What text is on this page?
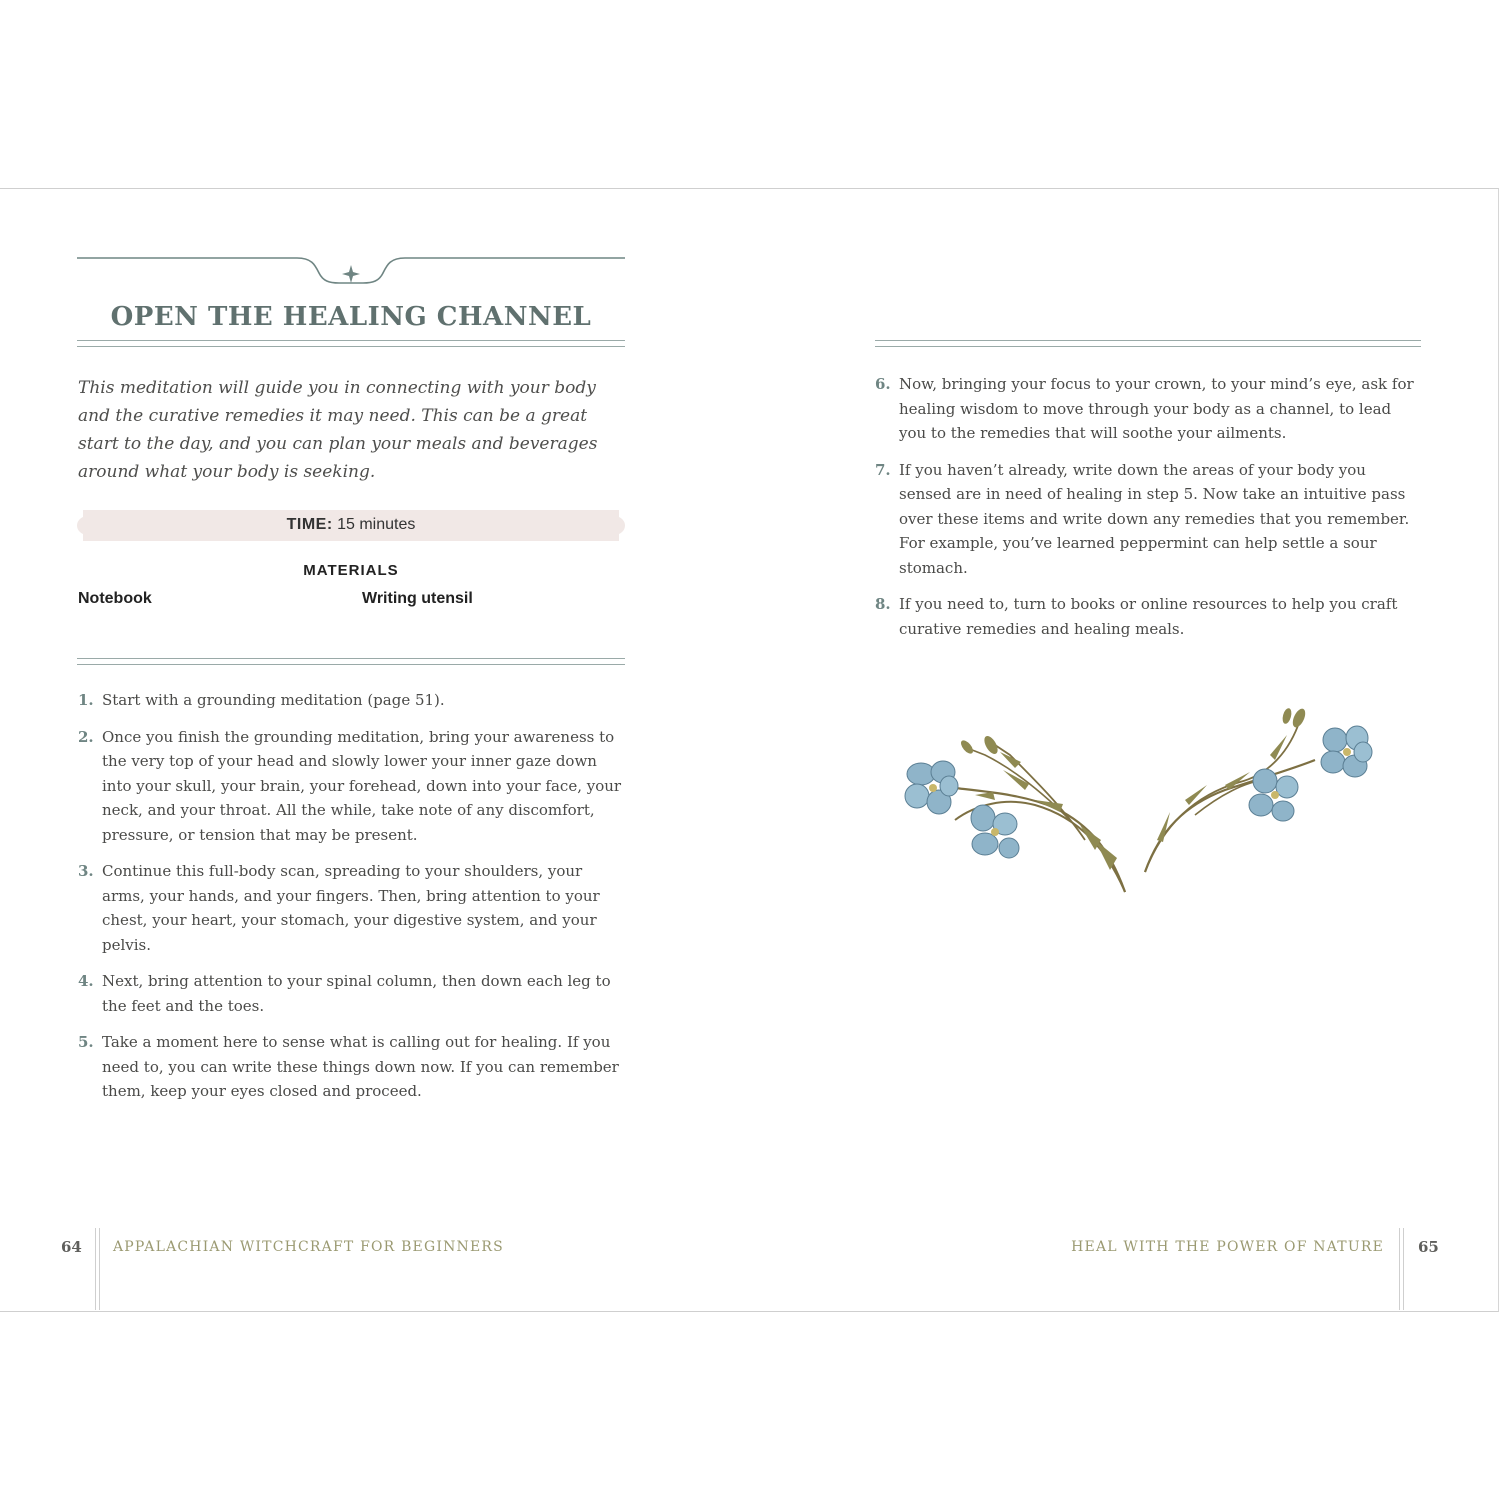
OPEN THE HEALING CHANNEL
This meditation will guide you in connecting with your body and the curative remedies it may need. This can be a great start to the day, and you can plan your meals and beverages around what your body is seeking.
TIME: 15 minutes
MATERIALS
Notebook	Writing utensil
1. Start with a grounding meditation (page 51).
2. Once you finish the grounding meditation, bring your awareness to the very top of your head and slowly lower your inner gaze down into your skull, your brain, your forehead, down into your face, your neck, and your throat. All the while, take note of any discomfort, pressure, or tension that may be present.
3. Continue this full-body scan, spreading to your shoulders, your arms, your hands, and your fingers. Then, bring attention to your chest, your heart, your stomach, your digestive system, and your pelvis.
4. Next, bring attention to your spinal column, then down each leg to the feet and the toes.
5. Take a moment here to sense what is calling out for healing. If you need to, you can write these things down now. If you can remember them, keep your eyes closed and proceed.
6. Now, bringing your focus to your crown, to your mind’s eye, ask for healing wisdom to move through your body as a channel, to lead you to the remedies that will soothe your ailments.
7. If you haven’t already, write down the areas of your body you sensed are in need of healing in step 5. Now take an intuitive pass over these items and write down any remedies that you remember. For example, you’ve learned peppermint can help settle a sour stomach.
8. If you need to, turn to books or online resources to help you craft curative remedies and healing meals.
64 APPALACHIAN WITCHCRAFT FOR BEGINNERS	HEAL WITH THE POWER OF NATURE 65
